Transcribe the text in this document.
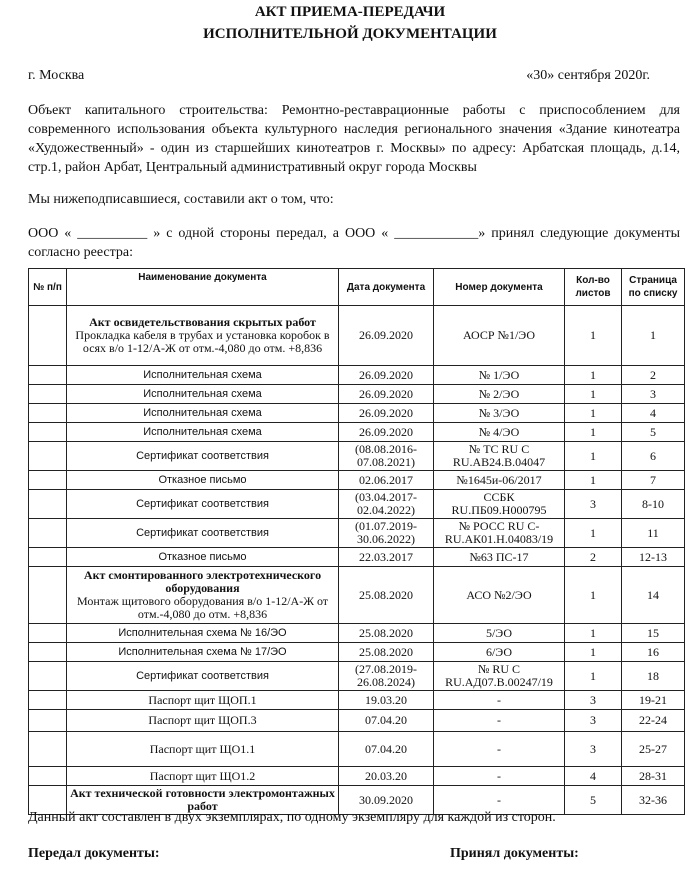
АКТ ПРИЕМА-ПЕРЕДАЧИ
ИСПОЛНИТЕЛЬНОЙ ДОКУМЕНТАЦИИ
г. Москва	«30» сентября 2020г.
Объект капитального строительства: Ремонтно-реставрационные работы с приспособлением для современного использования объекта культурного наследия регионального значения «Здание кинотеатра «Художественный» - один из старшейших кинотеатров г. Москвы» по адресу: Арбатская площадь, д.14, стр.1, район Арбат, Центральный административный округ города Москвы
Мы нижеподписавшиеся, составили акт о том, что:
ООО « __________ » с одной стороны передал, а ООО « ____________» принял следующие документы согласно реестра:
№ п/п	Наименование документа	Дата документа	Номер документа	Кол-во листов	Страница по списку

	Акт освидетельствования скрытых работ
Прокладка кабеля в трубах и установка коробок в осях в/о 1-12/А-Ж от отм.-4,080 до отм. +8,836	26.09.2020	АОСР №1/ЭО	1	1
	Исполнительная схема	26.09.2020	№ 1/ЭО	1	2
	Исполнительная схема	26.09.2020	№ 2/ЭО	1	3
	Исполнительная схема	26.09.2020	№ 3/ЭО	1	4
	Исполнительная схема	26.09.2020	№ 4/ЭО	1	5
	Сертификат соответствия	(08.08.2016-07.08.2021)	№ ТС RU С RU.АВ24.В.04047	1	6
	Отказное письмо	02.06.2017	№1645и-06/2017	1	7
	Сертификат соответствия	(03.04.2017-02.04.2022)	ССБК RU.ПБ09.Н000795	3	8-10
	Сертификат соответствия	(01.07.2019-30.06.2022)	№ РОСС RU С-RU.АК01.Н.04083/19	1	11
	Отказное письмо	22.03.2017	№63 ПС-17	2	12-13

	Акт смонтированного электротехнического оборудования
Монтаж щитового оборудования в/о 1-12/А-Ж от отм.-4,080 до отм. +8,836	25.08.2020	АСО №2/ЭО	1	14
	Исполнительная схема № 16/ЭО	25.08.2020	5/ЭО	1	15
	Исполнительная схема № 17/ЭО	25.08.2020	6/ЭО	1	16
	Сертификат соответствия	(27.08.2019-26.08.2024)	№ RU С RU.АД07.В.00247/19	1	18
	Паспорт щит ЩОП.1	19.03.20	-	3	19-21
	Паспорт щит ЩОП.3	07.04.20	-	3	22-24
	Паспорт щит ЩО1.1	07.04.20	-	3	25-27
	Паспорт щит ЩО1.2	20.03.20	-	4	28-31

	Акт технической готовности электромонтажных работ	30.09.2020	-	5	32-36
Данный акт составлен в двух экземплярах, по одному экземпляру для каждой из сторон.
Передал документы:	Принял документы:
